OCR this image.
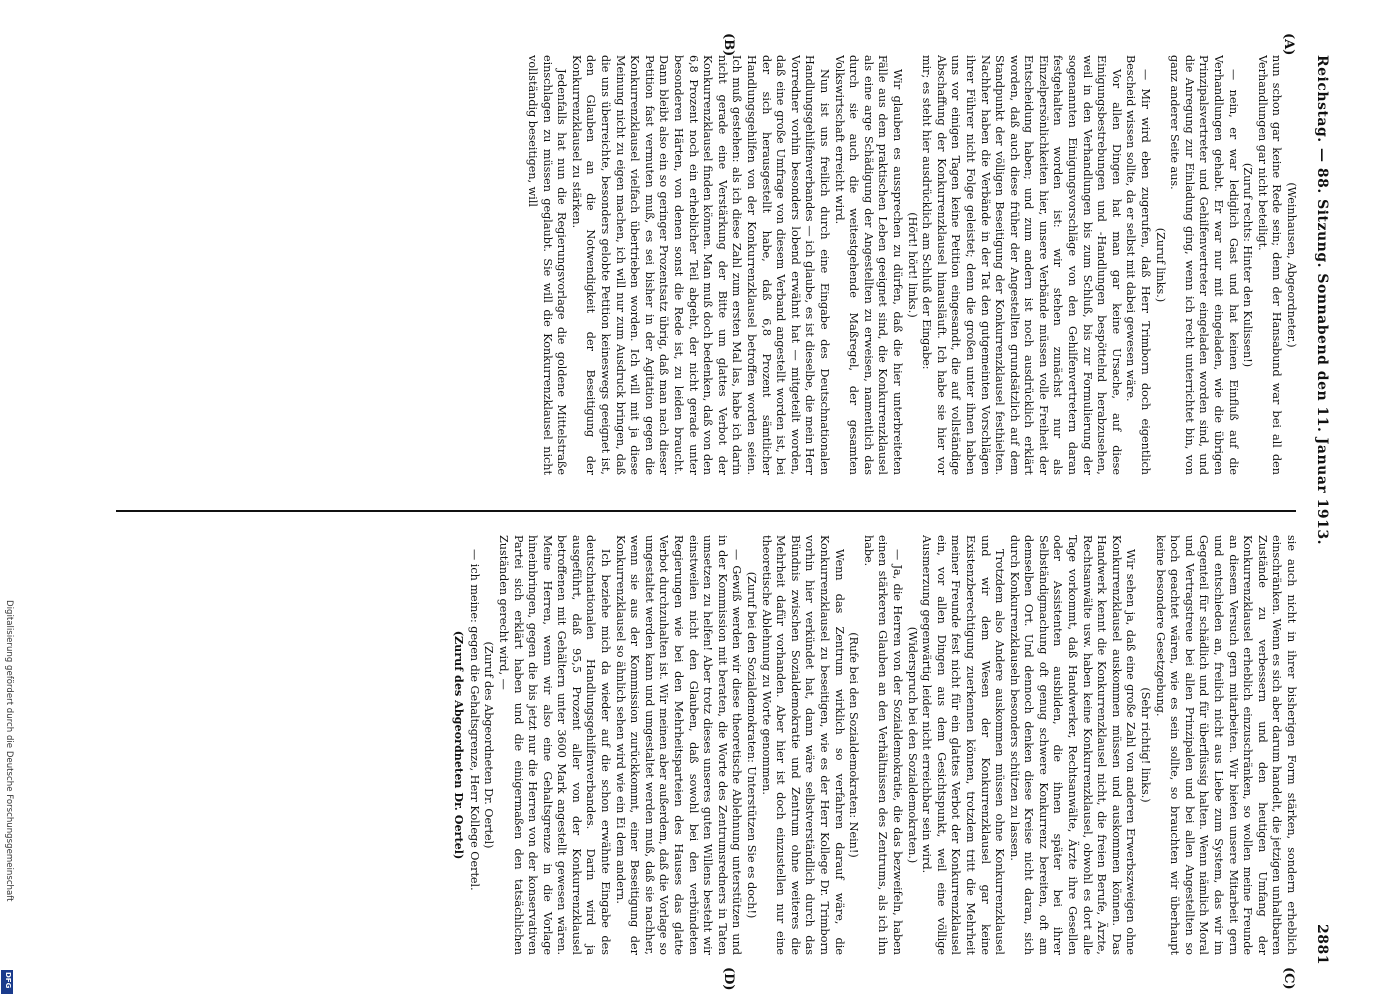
Reichstag. — 88. Sitzung. Sonnabend den 11. Januar 1913.
2881
(A)
(B)
(C)
(D)

(Weinhausen, Abgeordneter.)

nun schon gar keine Rede sein; denn der Hansabund war bei all den Verhandlungen gar nicht beteiligt.

(Zuruf rechts: Hinter den Kulissen!)

— nein, er war lediglich Gast und hat keinen Einfluß auf die Verhandlungen gehabt. Er war nur mit eingeladen, wie die übrigen Prinzipalsvertreter und Gehilfenvertreter eingeladen worden sind, und die Anregung zur Einladung ging, wenn ich recht unterrichtet bin, von ganz anderer Seite aus.

(Zuruf links.)

— Mir wird eben zugerufen, daß Herr Trimborn doch eigentlich Bescheid wissen sollte, da er selbst mit dabei gewesen wäre.

Vor allen Dingen hat man gar keine Ursache, auf diese Einigungsbestrebungen und -Handlungen bespöttelnd herabzusehen, weil in den Verhandlungen bis zum Schluß, bis zur Formulierung der sogenannten Einigungsvorschläge von den Gehilfenvertretern daran festgehalten worden ist: wir stehen zunächst nur als Einzelpersönlichkeiten hier, unsere Verbände müssen volle Freiheit der Entscheidung haben; und zum andern ist noch ausdrücklich erklärt worden, daß auch diese früher der Angestellten grundsätzlich auf dem Standpunkt der völligen Beseitigung der Konkurrenzklausel festhielten. Nachher haben die Verbände in der Tat den gutgemeinten Vorschlägen ihrer Führer nicht Folge geleistet; denn die großen unter ihnen haben uns vor einigen Tagen keine Petition eingesandt, die auf vollständige Abschaffung der Konkurrenzklausel hinausläuft. Ich habe sie hier vor mir; es steht hier ausdrücklich am Schluß der Eingabe:

(Hört! hört! links.)

Wir glauben es aussprechen zu dürfen, daß die hier unterbreiteten Fälle aus dem praktischen Leben geeignet sind, die Konkurrenzklausel als eine arge Schädigung der Angestellten zu erweisen, namentlich das durch sie auch die weitestgehende Maßregel, der gesamten Volkswirtschaft erreicht wird.

Nun ist uns freilich durch eine Eingabe des Deutschnationalen Handlungsgehilfenverbandes — ich glaube, es ist dieselbe, die mein Herr Vorredner vorhin besonders lobend erwähnt hat — mitgeteilt worden, daß eine große Umfrage von diesem Verband angestellt worden ist, bei der sich herausgestellt habe, daß 6,8 Prozent sämtlicher Handlungsgehilfen von der Konkurrenzklausel betroffen worden seien. Ich muß gestehen: als ich diese Zahl zum ersten Mal las, habe ich darin nicht gerade eine Verstärkung der Bitte um glattes Verbot der Konkurrenzklausel finden können. Man muß doch bedenken, daß von den 6,8 Prozent noch ein erheblicher Teil abgeht, der nicht gerade unter besonderen Härten, von denen sonst die Rede ist, zu leiden braucht. Dann bleibt also ein so geringer Prozentsatz übrig, daß man nach dieser Petition fast vermuten muß, es sei bisher in der Agitation gegen die Konkurrenzklausel vielfach übertrieben worden. Ich will mit ja diese Meinung nicht zu eigen machen, ich will nur zum Ausdruck bringen, daß die uns überreichte, besonders gelobte Petition keineswegs geeignet ist, den Glauben an die Notwendigkeit der Beseitigung der Konkurrenzklausel zu stärken.

Jedenfalls hat nun die Regierungsvorlage die goldene Mittelstraße einschlagen zu müssen geglaubt. Sie will die Konkurrenzklausel nicht vollständig beseitigen, will

sie auch nicht in ihrer bisherigen Form stärken, sondern erheblich einschränken. Wenn es sich aber darum handelt, die jetzigen unhaltbaren Zustände zu verbessern und den heutigen Umfang der Konkurrenzklausel erheblich einzuschränken, so wollen meine Freunde an diesem Versuch gern mitarbeiten. Wir bieten unsere Mitarbeit gern und entschieden an, freilich nicht aus Liebe zum System, das wir im Gegenteil für schädlich und für überflüssig halten. Wenn nämlich Moral und Vertragstreue bei allen Prinzipalen und bei allen Angestellten so hoch geachtet wären, wie es sein sollte, so brauchten wir überhaupt keine besondere Gesetzgebung.

(Sehr richtig! links.)

Wir sehen ja, daß eine große Zahl von anderen Erwerbszweigen ohne Konkurrenzklausel auskommen müssen und auskommen können. Das Handwerk kennt die Konkurrenzklausel nicht, die freien Berufe, Ärzte, Rechtsanwälte usw. haben keine Konkurrenzklausel, obwohl es dort alle Tage vorkommt, daß Handwerker, Rechtsanwälte, Ärzte ihre Gesellen oder Assistenten ausbilden, die ihnen später bei ihrer Selbständigmachung oft genug schwere Konkurrenz bereiten, oft am demselben Ort. Und dennoch denken diese Kreise nicht daran, sich durch Konkurrenzklauseln besonders schützen zu lassen.

Trotzdem also Andere auskommen müssen ohne Konkurrenzklausel und wir dem Wesen der Konkurrenzklausel gar keine Existenzberechtigung zuerkennen können, trotzdem tritt die Mehrheit meiner Freunde fest nicht für ein glattes Verbot der Konkurrenzklausel ein, vor allen Dingen aus dem Gesichtspunkt, weil eine völlige Ausmerzung gegenwärtig leider nicht erreichbar sein wird.

(Widerspruch bei den Sozialdemokraten.)

— Ja, die Herren von der Sozialdemokratie, die das bezweifeln, haben einen stärkeren Glauben an den Verhältnissen des Zentrums, als ich ihn habe.

(Rufe bei den Sozialdemokraten: Nein!)

Wenn das Zentrum wirklich so verfahren darauf wäre, die Konkurrenzklausel zu beseitigen, wie es der Herr Kollege Dr. Trimborn vorhin hier verkündet hat, dann wäre selbstverständlich durch das Bündnis zwischen Sozialdemokratie und Zentrum ohne weiteres die Mehrheit dafür vorhanden. Aber hier ist doch einzustellen nur eine theoretische Ablehnung zu Worte genommen.

(Zuruf bei den Sozialdemokraten: Unterstützen Sie es doch!)

— Gewiß werden wir diese theoretische Ablehnung unterstützen und in der Kommission mit beraten, die Worte des Zentrumsredners in Taten umsetzen zu helfen! Aber trotz dieses unseres guten Willens besteht wir einstweilen nicht den Glauben, daß sowohl bei den verbündeten Regierungen wie bei den Mehrheitsparteien des Hauses das glatte Verbot durchzuhalten ist. Wir meinen aber außerdem, daß die Vorlage so umgestaltet werden kann und umgestaltet werden muß, daß sie nachher, wenn sie aus der Kommission zurückkommt, einer Beseitigung der Konkurrenzklausel so ähnlich sehen wird wie ein Ei dem andern.

Ich beziehe mich da wieder auf die schon erwähnte Eingabe des deutschnationalen Handlungsgehilfenverbandes. Darin wird ja ausgeführt, daß 95,5 Prozent aller von der Konkurrenzklausel betroffenen mit Gehältern unter 3600 Mark angestellt gewesen wären. Meine Herren, wenn wir also eine Gehaltsgrenze in die Vorlage hineinbringen, gegen die bis jetzt nur die Herren von der konservativen Partei sich erklärt haben und die einigermaßen den tatsächlichen Zuständen gerecht wird, —

(Zuruf des Abgeordneten Dr. Oertel)

— ich meine: gegen die Gehaltsgrenze, Herr Kollege Oertel.

(Zuruf des Abgeordneten Dr. Oertel)

Digitalisierung gefördert durch die Deutsche Forschungsgemeinschaft
DFG
